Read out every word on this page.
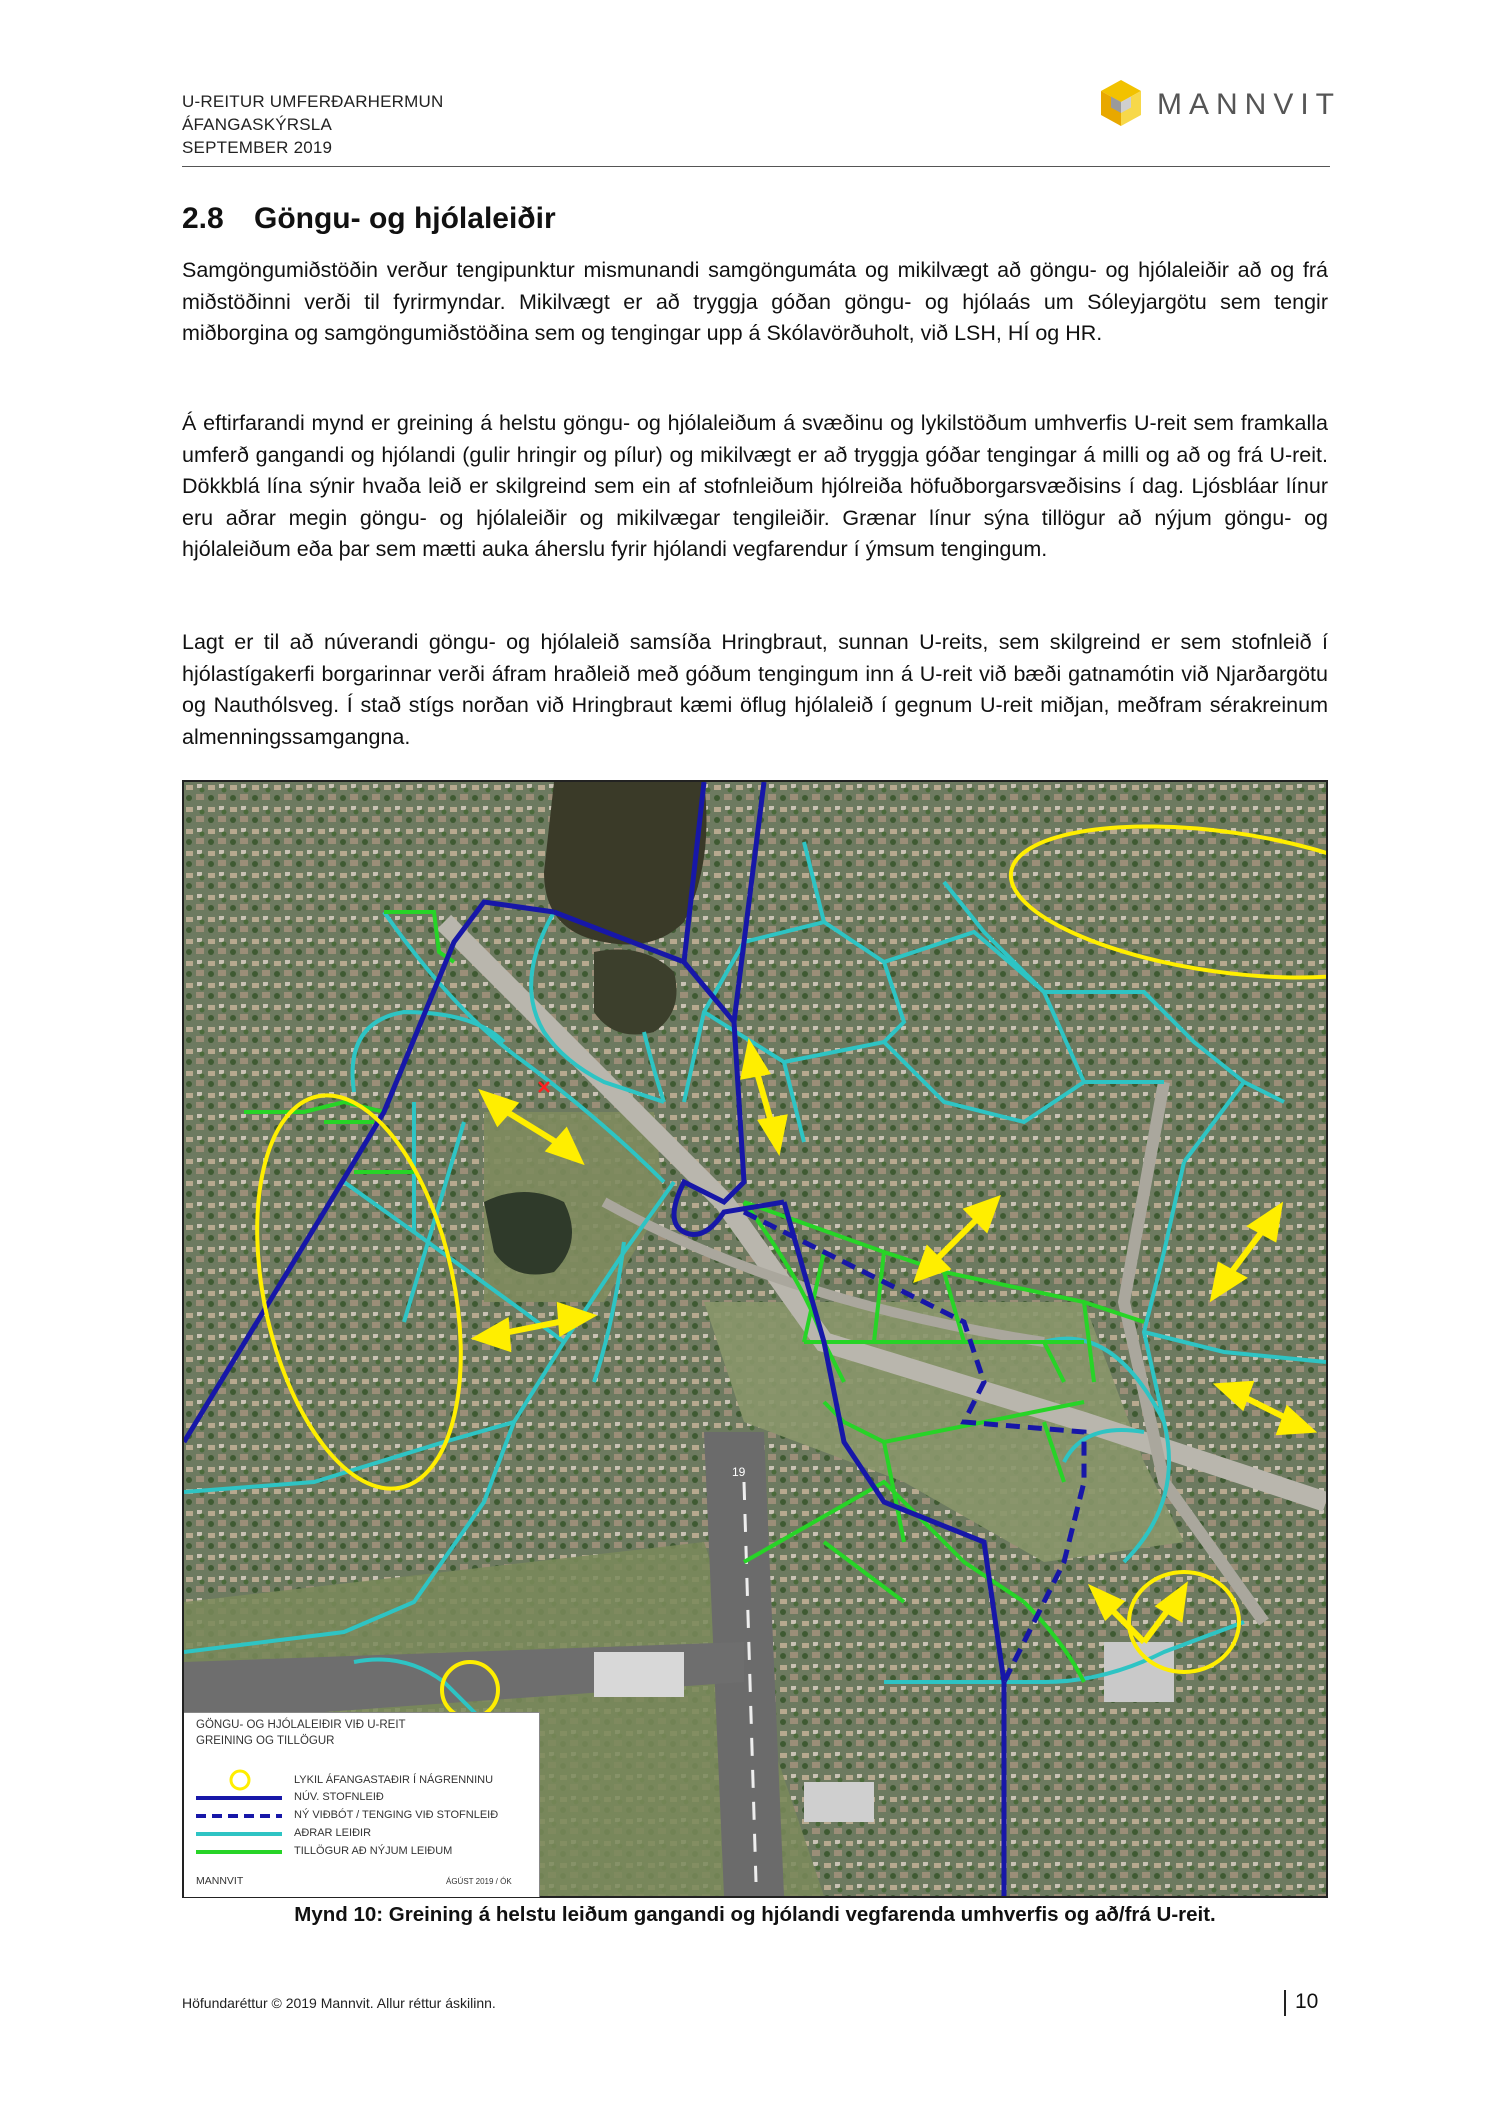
U-REITUR UMFERÐARHERMUN
ÁFANGASKÝRSLA
SEPTEMBER 2019
MANNVIT
2.8 Göngu- og hjólaleiðir
Samgöngumiðstöðin verður tengipunktur mismunandi samgöngumáta og mikilvægt að göngu- og hjólaleiðir að og frá miðstöðinni verði til fyrirmyndar. Mikilvægt er að tryggja góðan göngu- og hjólaás um Sóleyjargötu sem tengir miðborgina og samgöngumiðstöðina sem og tengingar upp á Skólavörðuholt, við LSH, HÍ og HR.
Á eftirfarandi mynd er greining á helstu göngu- og hjólaleiðum á svæðinu og lykilstöðum umhverfis U-reit sem framkalla umferð gangandi og hjólandi (gulir hringir og pílur) og mikilvægt er að tryggja góðar tengingar á milli og að og frá U-reit. Dökkblá lína sýnir hvaða leið er skilgreind sem ein af stofnleiðum hjólreiða höfuðborgarsvæðisins í dag. Ljósbláar línur eru aðrar megin göngu- og hjólaleiðir og mikilvægar tengileiðir. Grænar línur sýna tillögur að nýjum göngu- og hjólaleiðum eða þar sem mætti auka áherslu fyrir hjólandi vegfarendur í ýmsum tengingum.
Lagt er til að núverandi göngu- og hjólaleið samsíða Hringbraut, sunnan U-reits, sem skilgreind er sem stofnleið í hjólastígakerfi borgarinnar verði áfram hraðleið með góðum tengingum inn á U-reit við bæði gatnamótin við Njarðargötu og Nauthólsveg. Í stað stígs norðan við Hringbraut kæmi öflug hjólaleið í gegnum U-reit miðjan, meðfram sérakreinum almenningssamgangna.
19
GÖNGU- OG HJÓLALEIÐIR VIÐ U-REIT
GREINING OG TILLÖGUR
LYKIL ÁFANGASTAÐIR Í NÁGRENNINU
NÚV. STOFNLEIÐ
NÝ VIÐBÓT / TENGING VIÐ STOFNLEIÐ
AÐRAR LEIÐIR
TILLÖGUR AÐ NÝJUM LEIÐUM
MANNVIT	ÁGÚST 2019 / ÓK
Mynd 10: Greining á helstu leiðum gangandi og hjólandi vegfarenda umhverfis og að/frá U-reit.
Höfundaréttur © 2019 Mannvit. Allur réttur áskilinn.	10
